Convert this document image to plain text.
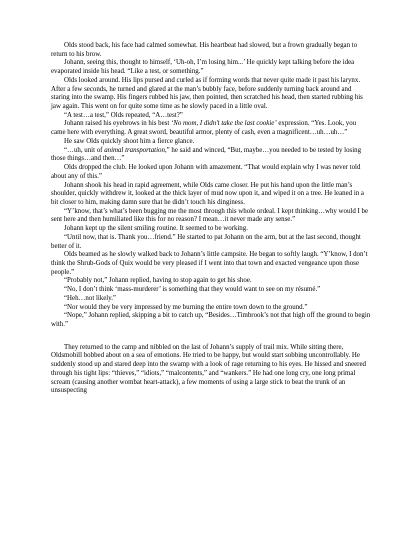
Olds stood back, his face had calmed somewhat. His heartbeat had slowed, but a frown gradually began to return to his brow.

Johann, seeing this, thought to himself, ‘Uh-oh, I’m losing him...’ He quickly kept talking before the idea evaporated inside his head. “Like a test, or something.”

Olds looked around. His lips pursed and curled as if forming words that never quite made it past his larynx. After a few seconds, he turned and glared at the man’s bubbly face, before suddenly turning back around and staring into the swamp. His fingers rubbed his jaw, then pointed, then scratched his head, then started rubbing his jaw again. This went on for quite some time as he slowly paced in a little oval.

“A test…a test,” Olds repeated, “A…test?”

Johann raised his eyebrows in his best ‘No mom, I didn’t take the last cookie’ expression. “Yes. Look, you came here with everything. A great sword, beautiful armor, plenty of cash, even a magnificent…uh…uh…”

He saw Olds quickly shoot him a fierce glance.

“…uh, unit of animal transportation,” he said and winced, “But, maybe…you needed to be tested by losing those things…and then…”

Olds dropped the club. He looked upon Johann with amazement. “That would explain why I was never told about any of this.”

Johann shook his head in rapid agreement, while Olds came closer. He put his hand upon the little man’s shoulder, quickly withdrew it, looked at the thick layer of mud now upon it, and wiped it on a tree. He leaned in a bit closer to him, making damn sure that he didn’t touch his dinginess.

“Y’know, that’s what’s been bugging me the most through this whole ordeal. I kept thinking…why would I be sent here and then humiliated like this for no reason? I mean…it never made any sense.”

Johann kept up the silent smiling routine. It seemed to be working.

“Until now, that is. Thank you…friend.” He started to pat Johann on the arm, but at the last second, thought better of it.

Olds beamed as he slowly walked back to Johann’s little campsite. He began to softly laugh. “Y’know, I don’t think the Shrub-Gods of Quix would be very pleased if I went into that town and exacted vengeance upon those people.”

“Probably not,” Johann replied, having to stop again to get his shoe.

“No, I don’t think ‘mass-murderer’ is something that they would want to see on my résumé.”

“Heh…not likely.”

“Nor would they be very impressed by me burning the entire town down to the ground.”

“Nope,” Johann replied, skipping a bit to catch up, “Besides…Timbrook’s not that high off the ground to begin with.”

They returned to the camp and nibbled on the last of Johann’s supply of trail mix. While sitting there, Oldsmobill bobbed about on a sea of emotions. He tried to be happy, but would start sobbing uncontrollably. He suddenly stood up and stared deep into the swamp with a look of rage returning to his eyes. He hissed and sneered through his tight lips: “thieves,” “idiots,” “malcontents,” and “wankers.” He had one long cry, one long primal scream (causing another wombat heart-attack), a few moments of using a large stick to beat the trunk of an unsuspecting
